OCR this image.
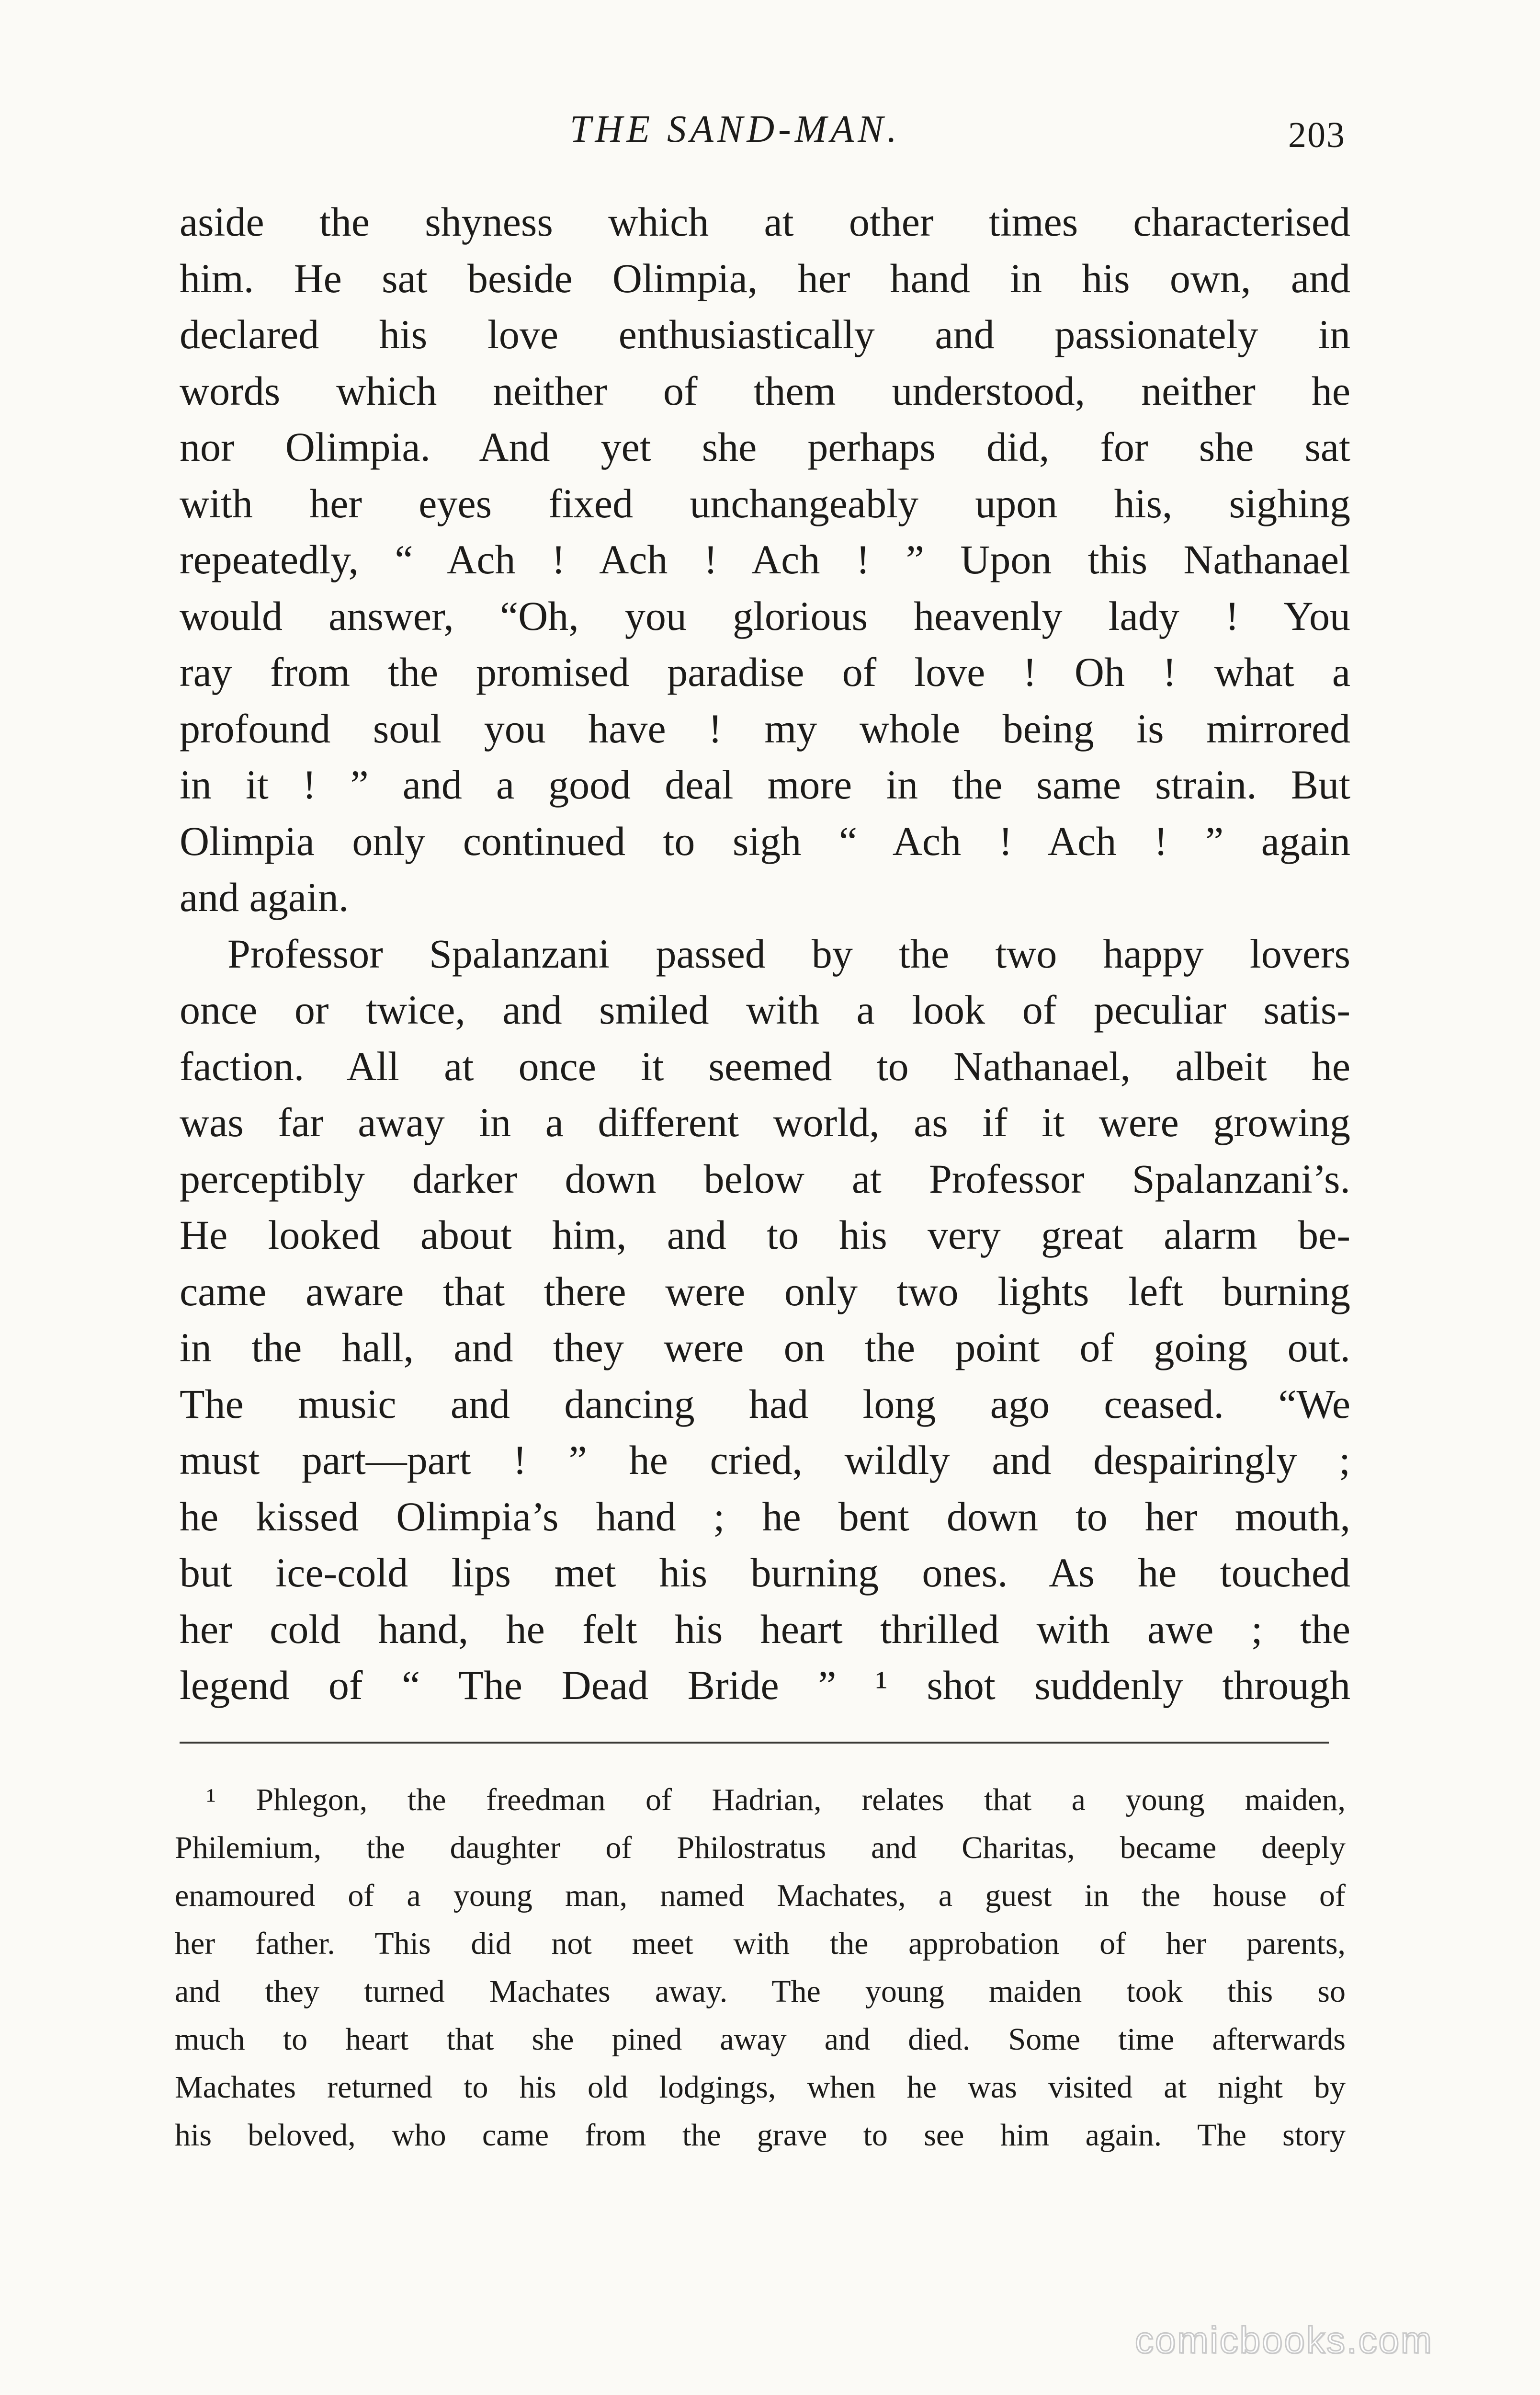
THE SAND-MAN.	203
aside the shyness which at other times characterised
him. He sat beside Olimpia, her hand in his own, and
declared his love enthusiastically and passionately in
words which neither of them understood, neither he
nor Olimpia. And yet she perhaps did, for she sat
with her eyes fixed unchangeably upon his, sighing
repeatedly, “ Ach ! Ach ! Ach ! ” Upon this Nathanael
would answer, “Oh, you glorious heavenly lady ! You
ray from the promised paradise of love ! Oh ! what a
profound soul you have ! my whole being is mirrored
in it ! ” and a good deal more in the same strain. But
Olimpia only continued to sigh “ Ach ! Ach ! ” again
and again.
Professor Spalanzani passed by the two happy lovers
once or twice, and smiled with a look of peculiar satis-
faction. All at once it seemed to Nathanael, albeit he
was far away in a different world, as if it were growing
perceptibly darker down below at Professor Spalanzani’s.
He looked about him, and to his very great alarm be-
came aware that there were only two lights left burning
in the hall, and they were on the point of going out.
The music and dancing had long ago ceased. “We
must part—part ! ” he cried, wildly and despairingly ;
he kissed Olimpia’s hand ; he bent down to her mouth,
but ice-cold lips met his burning ones. As he touched
her cold hand, he felt his heart thrilled with awe ; the
legend of “ The Dead Bride ” ¹ shot suddenly through
¹ Phlegon, the freedman of Hadrian, relates that a young maiden,
Philemium, the daughter of Philostratus and Charitas, became deeply
enamoured of a young man, named Machates, a guest in the house of
her father. This did not meet with the approbation of her parents,
and they turned Machates away. The young maiden took this so
much to heart that she pined away and died. Some time afterwards
Machates returned to his old lodgings, when he was visited at night by
his beloved, who came from the grave to see him again. The story
comicbooks.com
